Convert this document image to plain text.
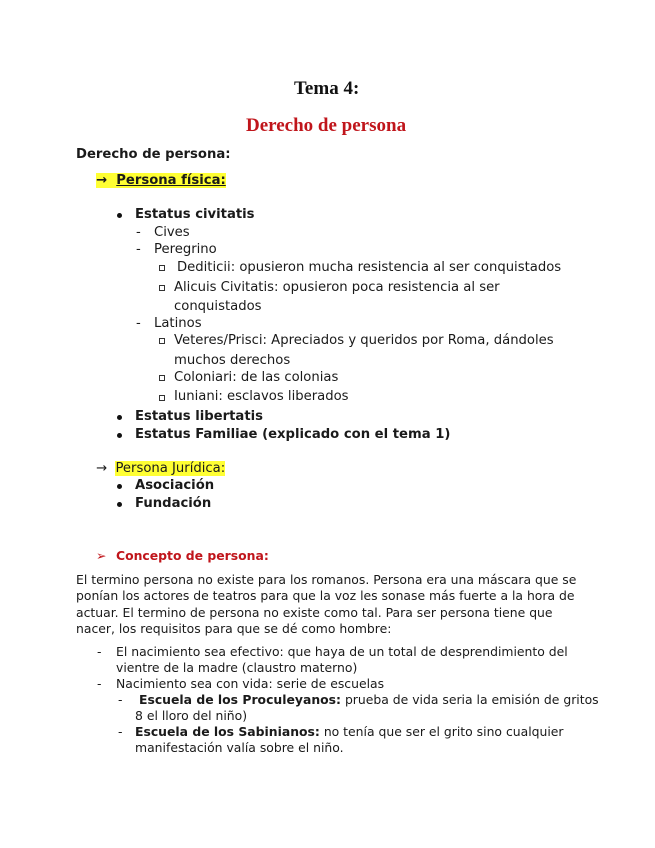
Tema 4:
Derecho de persona
Derecho de persona:
→ Persona física:
Estatus civitatis
- Cives
- Peregrino
Dediticii: opusieron mucha resistencia al ser conquistados
Alicuis Civitatis: opusieron poca resistencia al ser
conquistados
- Latinos
Veteres/Prisci: Apreciados y queridos por Roma, dándoles
muchos derechos
Coloniari: de las colonias
Iuniani: esclavos liberados
Estatus libertatis
Estatus Familiae (explicado con el tema 1)
→ Persona Jurídica:
Asociación
Fundación
➢ Concepto de persona:
El termino persona no existe para los romanos. Persona era una máscara que se ponían los actores de teatros para que la voz les sonase más fuerte a la hora de actuar. El termino de persona no existe como tal. Para ser persona tiene que nacer, los requisitos para que se dé como hombre:
- El nacimiento sea efectivo: que haya de un total de desprendimiento del
vientre de la madre (claustro materno)
- Nacimiento sea con vida: serie de escuelas
- Escuela de los Proculeyanos: prueba de vida seria la emisión de gritos
8 el lloro del niño)
- Escuela de los Sabinianos: no tenía que ser el grito sino cualquier
manifestación valía sobre el niño.
